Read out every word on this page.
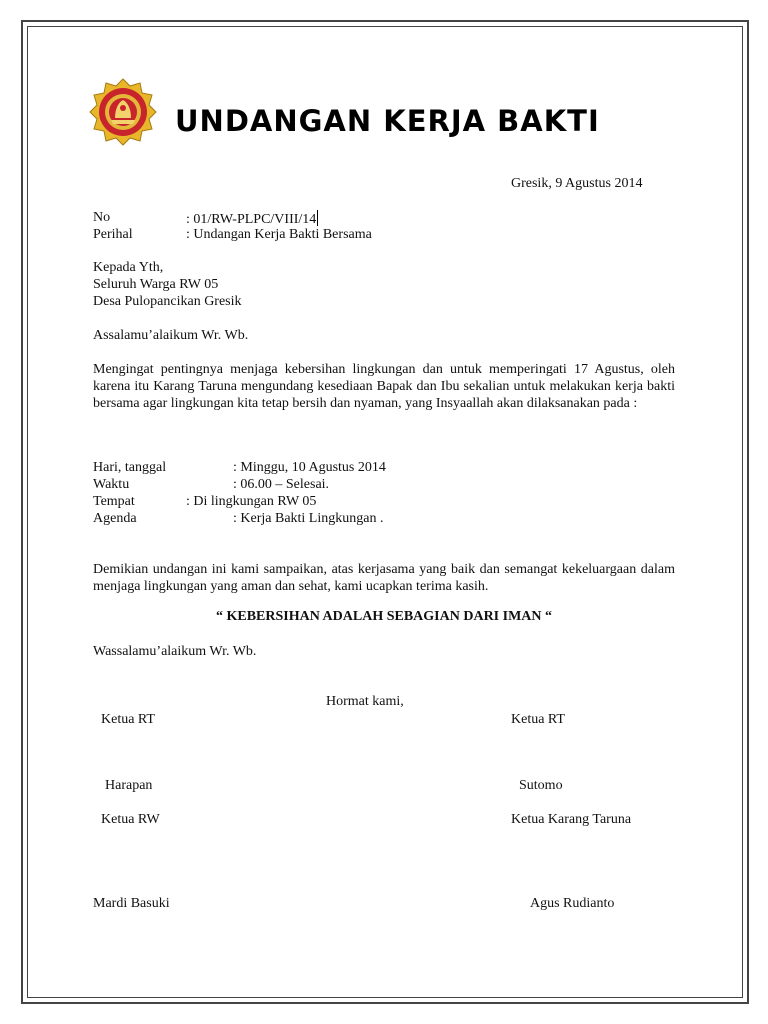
UNDANGAN KERJA BAKTI
Gresik, 9 Agustus 2014
No	: 01/RW-PLPC/VIII/14
Perihal	: Undangan Kerja Bakti Bersama
Kepada Yth,
Seluruh Warga RW 05
Desa Pulopancikan Gresik
Assalamu’alaikum Wr. Wb.
Mengingat pentingnya menjaga kebersihan lingkungan dan untuk memperingati 17 Agustus, oleh karena itu Karang Taruna mengundang kesediaan Bapak dan Ibu sekalian untuk melakukan kerja bakti bersama agar lingkungan kita tetap bersih dan nyaman, yang Insyaallah akan dilaksanakan pada :
Hari, tanggal	: Minggu, 10 Agustus 2014
Waktu	: 06.00 – Selesai.
Tempat	: Di lingkungan RW 05
Agenda	: Kerja Bakti Lingkungan .
Demikian undangan ini kami sampaikan, atas kerjasama yang baik dan semangat kekeluargaan dalam menjaga lingkungan yang aman dan sehat, kami ucapkan terima kasih.
“ KEBERSIHAN ADALAH SEBAGIAN DARI IMAN “
Wassalamu’alaikum Wr. Wb.
Hormat kami,
Ketua RT	Ketua RT
Harapan	Sutomo
Ketua RW	Ketua Karang Taruna
Mardi Basuki	Agus Rudianto
